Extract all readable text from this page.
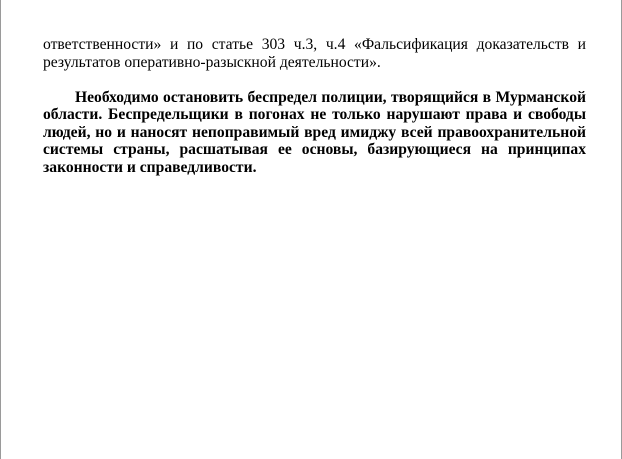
ответственности» и по статье 303 ч.3, ч.4 «Фальсификация доказательств и
результатов оперативно-разыскной деятельности».

Необходимо остановить беспредел полиции, творящийся в Мурманской
области. Беспредельщики в погонах не только нарушают права и свободы
людей, но и наносят непоправимый вред имиджу всей правоохранительной
системы страны, расшатывая ее основы, базирующиеся на принципах
законности и справедливости.
